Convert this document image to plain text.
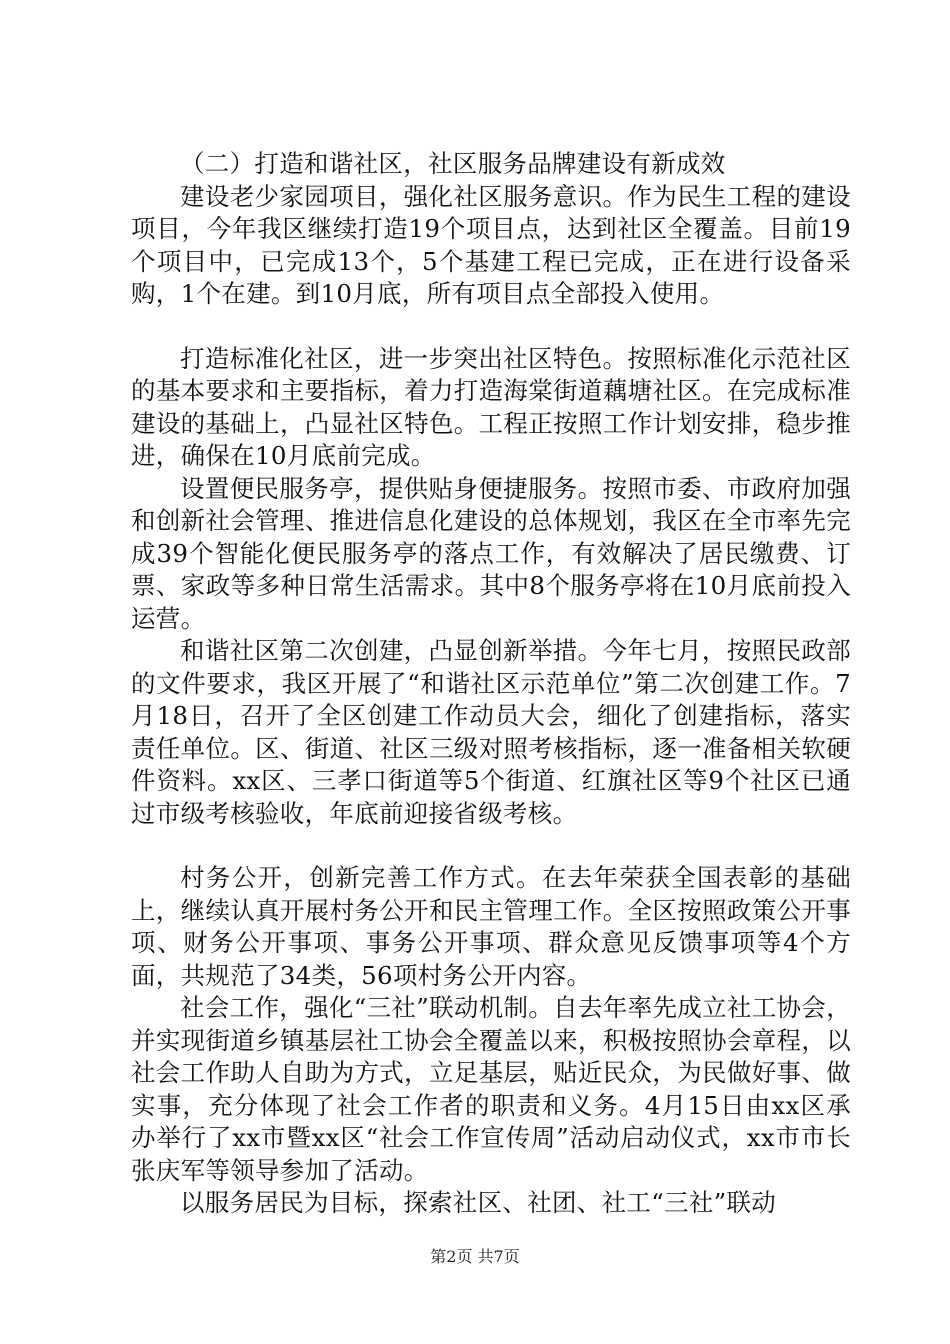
（二）打造和谐社区，社区服务品牌建设有新成效

建设老少家园项目，强化社区服务意识。作为民生工程的建设项目，今年我区继续打造19个项目点，达到社区全覆盖。目前19个项目中，已完成13个，5个基建工程已完成，正在进行设备采购，1个在建。到10月底，所有项目点全部投入使用。

打造标准化社区，进一步突出社区特色。按照标准化示范社区的基本要求和主要指标，着力打造海棠街道藕塘社区。在完成标准建设的基础上，凸显社区特色。工程正按照工作计划安排，稳步推进，确保在10月底前完成。

设置便民服务亭，提供贴身便捷服务。按照市委、市政府加强和创新社会管理、推进信息化建设的总体规划，我区在全市率先完成39个智能化便民服务亭的落点工作，有效解决了居民缴费、订票、家政等多种日常生活需求。其中8个服务亭将在10月底前投入运营。

和谐社区第二次创建，凸显创新举措。今年七月，按照民政部的文件要求，我区开展了“和谐社区示范单位”第二次创建工作。7月18日，召开了全区创建工作动员大会，细化了创建指标，落实责任单位。区、街道、社区三级对照考核指标，逐一准备相关软硬件资料。xx区、三孝口街道等5个街道、红旗社区等9个社区已通过市级考核验收，年底前迎接省级考核。

村务公开，创新完善工作方式。在去年荣获全国表彰的基础上，继续认真开展村务公开和民主管理工作。全区按照政策公开事项、财务公开事项、事务公开事项、群众意见反馈事项等4个方面，共规范了34类，56项村务公开内容。

社会工作，强化“三社”联动机制。自去年率先成立社工协会，并实现街道乡镇基层社工协会全覆盖以来，积极按照协会章程，以社会工作助人自助为方式，立足基层，贴近民众，为民做好事、做实事，充分体现了社会工作者的职责和义务。4月15日由xx区承办举行了xx市暨xx区“社会工作宣传周”活动启动仪式，xx市市长张庆军等领导参加了活动。

以服务居民为目标，探索社区、社团、社工“三社”联动

第2页 共7页
